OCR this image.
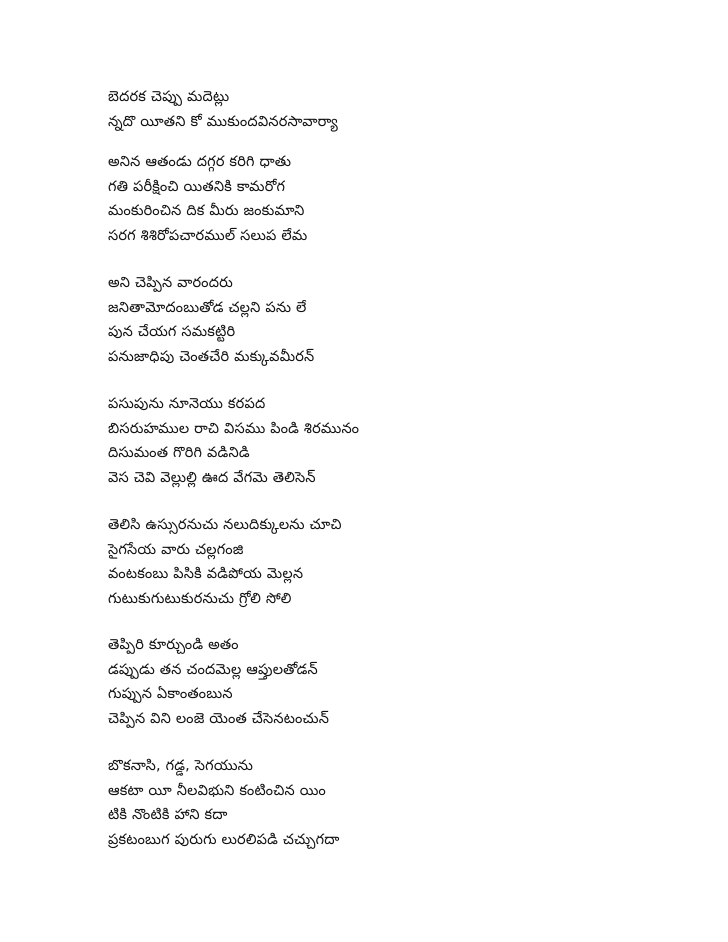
బెదరక చెప్పు మదెట్లు
న్నదొ యీతని కో ముకుందవినరసావార్యా
అనిన ఆతండు దగ్గర కరిగి ధాతు
గతి పరీక్షించి యితనికి కామరోగ
మంకురించిన దిక మీరు జంకుమాని
సరగ శిశిరోపచారముల్ సలుప లేమ
అని చెప్పిన వారందరు
జనితామోదంబుతోడ చల్లని పను లే
పున చేయగ సమకట్టిరి
పనుజాధిపు చెంతచేరి మక్కువమీరన్
పసుపును నూనెయు కరపద
బిసరుహముల రాచి విసము పిండి శిరమునం
దిసుమంత గొరిగి వడినిడి
వెస చెవి వెల్లుల్లి ఊద వేగమె తెలిసెన్
తెలిసి ఉస్సురనుచు నలుదిక్కులను చూచి
సైగసేయ వారు చల్లగంజి
వంటకంబు పిసికి వడిపోయ మెల్లన
గుటుకుగుటుకురనుచు గ్రోలి సోలి
తెప్పిరి కూర్చుండి అతం
డప్పుడు తన చందమెల్ల ఆప్తులతోడన్
గుప్పున ఏకాంతంబున
చెప్పిన విని లంజె యెంత చేసెనటంచున్
బొకనాసి, గడ్డ, సెగయును
ఆకటా యీ నీలవిభుని కంటించిన యిం
టికి నొంటికి హాని కదా
ప్రకటంబుగ పురుగు లురలిపడి చచ్చుగదా
